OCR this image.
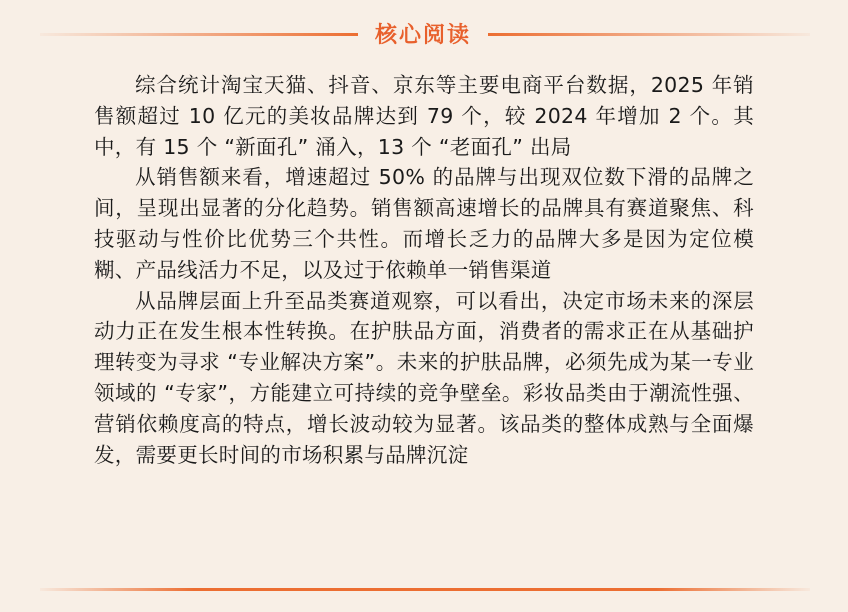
核心阅读

综合统计淘宝天猫、抖音、京东等主要电商平台数据，2025 年销售额超过 10 亿元的美妆品牌达到 79 个，较 2024 年增加 2 个。其中，有 15 个 “新面孔” 涌入，13 个 “老面孔” 出局

从销售额来看，增速超过 50% 的品牌与出现双位数下滑的品牌之间，呈现出显著的分化趋势。销售额高速增长的品牌具有赛道聚焦、科技驱动与性价比优势三个共性。而增长乏力的品牌大多是因为定位模糊、产品线活力不足，以及过于依赖单一销售渠道

从品牌层面上升至品类赛道观察，可以看出，决定市场未来的深层动力正在发生根本性转换。在护肤品方面，消费者的需求正在从基础护理转变为寻求 “专业解决方案”。未来的护肤品牌，必须先成为某一专业领域的 “专家”，方能建立可持续的竞争壁垒。彩妆品类由于潮流性强、营销依赖度高的特点，增长波动较为显著。该品类的整体成熟与全面爆发，需要更长时间的市场积累与品牌沉淀
